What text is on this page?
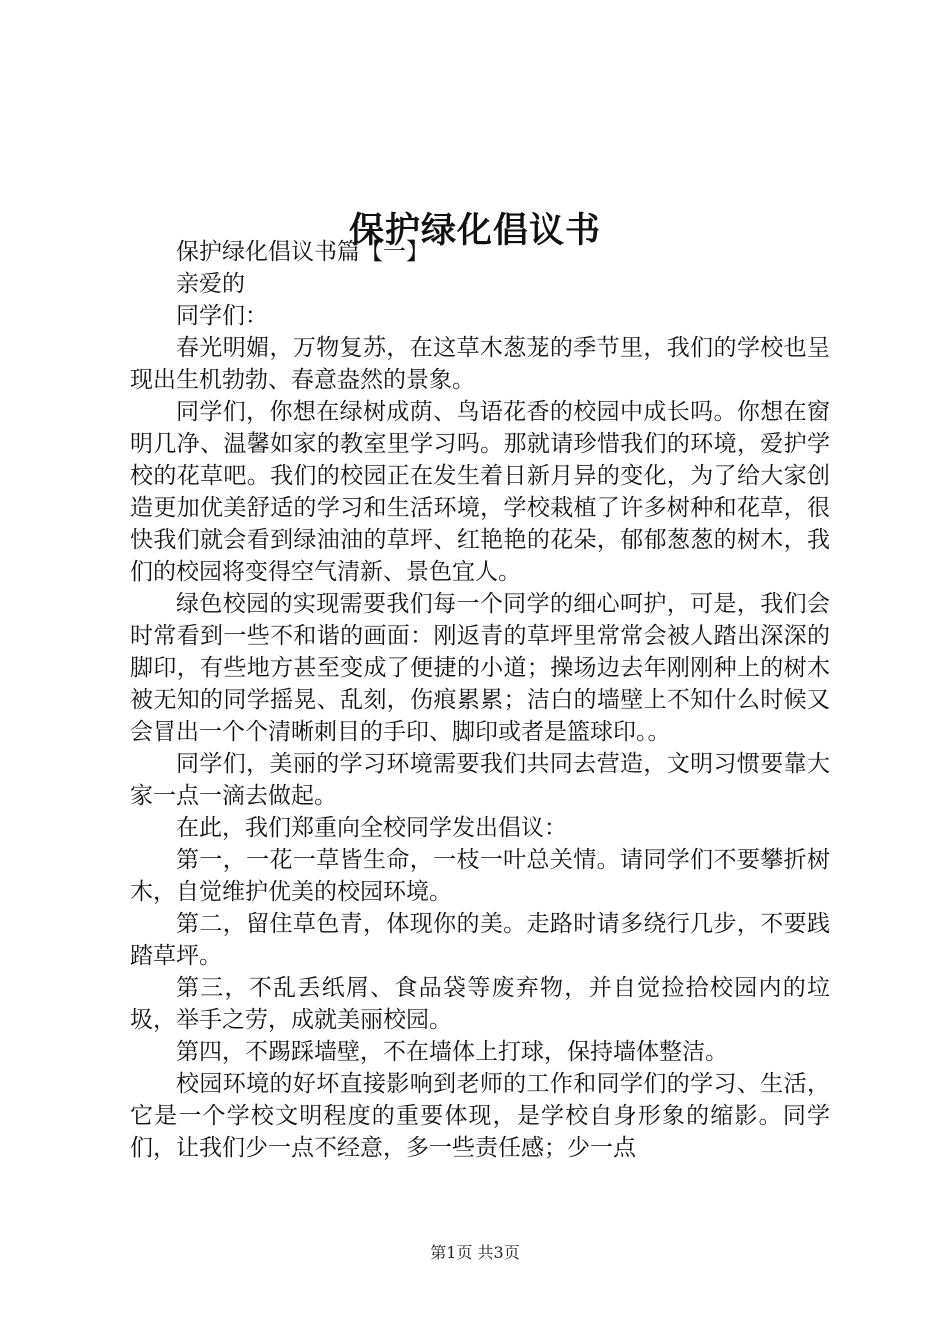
保护绿化倡议书

保护绿化倡议书篇【一】

亲爱的

同学们：

春光明媚，万物复苏，在这草木葱茏的季节里，我们的学校也呈现出生机勃勃、春意盎然的景象。

同学们，你想在绿树成荫、鸟语花香的校园中成长吗。你想在窗明几净、温馨如家的教室里学习吗。那就请珍惜我们的环境，爱护学校的花草吧。我们的校园正在发生着日新月异的变化，为了给大家创造更加优美舒适的学习和生活环境，学校栽植了许多树种和花草，很快我们就会看到绿油油的草坪、红艳艳的花朵，郁郁葱葱的树木，我们的校园将变得空气清新、景色宜人。

绿色校园的实现需要我们每一个同学的细心呵护，可是，我们会时常看到一些不和谐的画面：刚返青的草坪里常常会被人踏出深深的脚印，有些地方甚至变成了便捷的小道；操场边去年刚刚种上的树木被无知的同学摇晃、乱刻，伤痕累累；洁白的墙壁上不知什么时候又会冒出一个个清晰刺目的手印、脚印或者是篮球印。。

同学们，美丽的学习环境需要我们共同去营造，文明习惯要靠大家一点一滴去做起。

在此，我们郑重向全校同学发出倡议：

第一，一花一草皆生命，一枝一叶总关情。请同学们不要攀折树木，自觉维护优美的校园环境。

第二，留住草色青，体现你的美。走路时请多绕行几步，不要践踏草坪。

第三，不乱丢纸屑、食品袋等废弃物，并自觉捡拾校园内的垃圾，举手之劳，成就美丽校园。

第四，不踢踩墙壁，不在墙体上打球，保持墙体整洁。

校园环境的好坏直接影响到老师的工作和同学们的学习、生活，它是一个学校文明程度的重要体现，是学校自身形象的缩影。同学们，让我们少一点不经意，多一些责任感；少一点

第1页 共3页
